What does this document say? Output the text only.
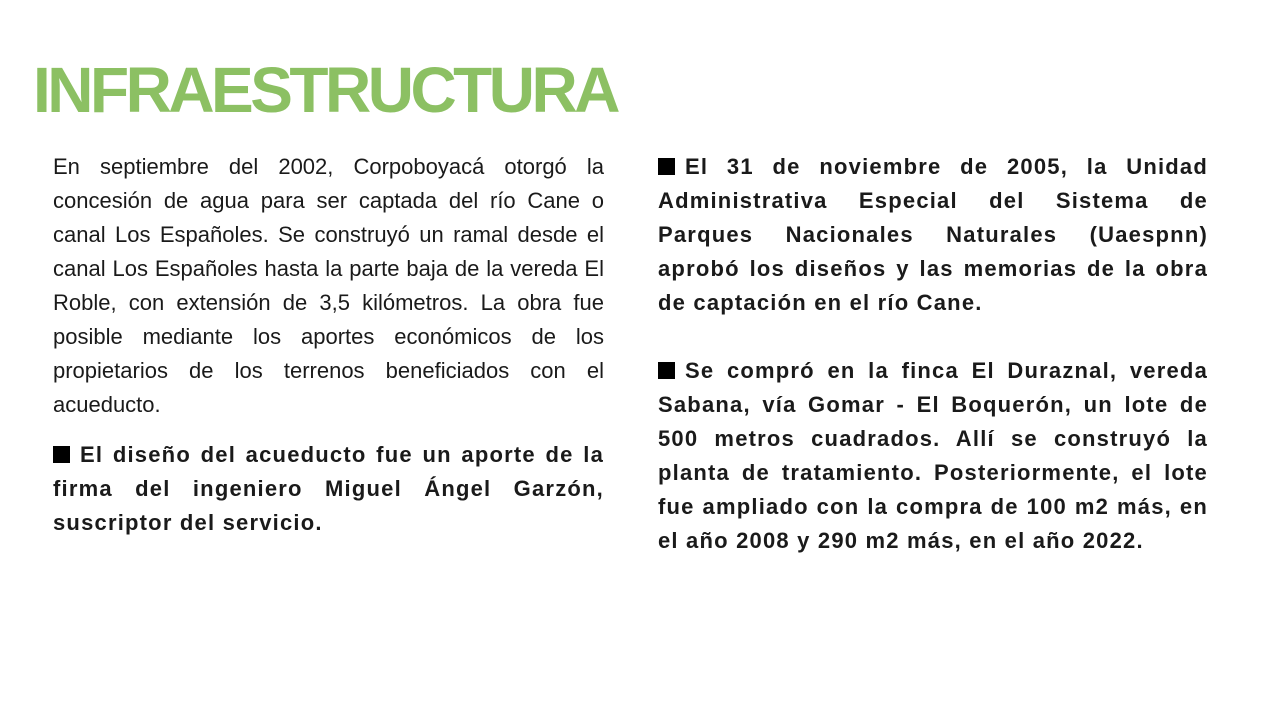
INFRAESTRUCTURA

En septiembre del 2002, Corpoboyacá otorgó la concesión de agua para ser captada del río Cane o canal Los Españoles. Se construyó un ramal desde el canal Los Españoles hasta la parte baja de la vereda El Roble, con extensión de 3,5 kilómetros. La obra fue posible mediante los aportes económicos de los propietarios de los terrenos beneficiados con el acueducto.

El diseño del acueducto fue un aporte de la firma del ingeniero Miguel Ángel Garzón, suscriptor del servicio.

El 31 de noviembre de 2005, la Unidad Administrativa Especial del Sistema de Parques Nacionales Naturales (Uaespnn) aprobó los diseños y las memorias de la obra de captación en el río Cane.

Se compró en la finca El Duraznal, vereda Sabana, vía Gomar - El Boquerón, un lote de 500 metros cuadrados. Allí se construyó la planta de tratamiento. Posteriormente, el lote fue ampliado con la compra de 100 m2 más, en el año 2008 y 290 m2 más, en el año 2022.
